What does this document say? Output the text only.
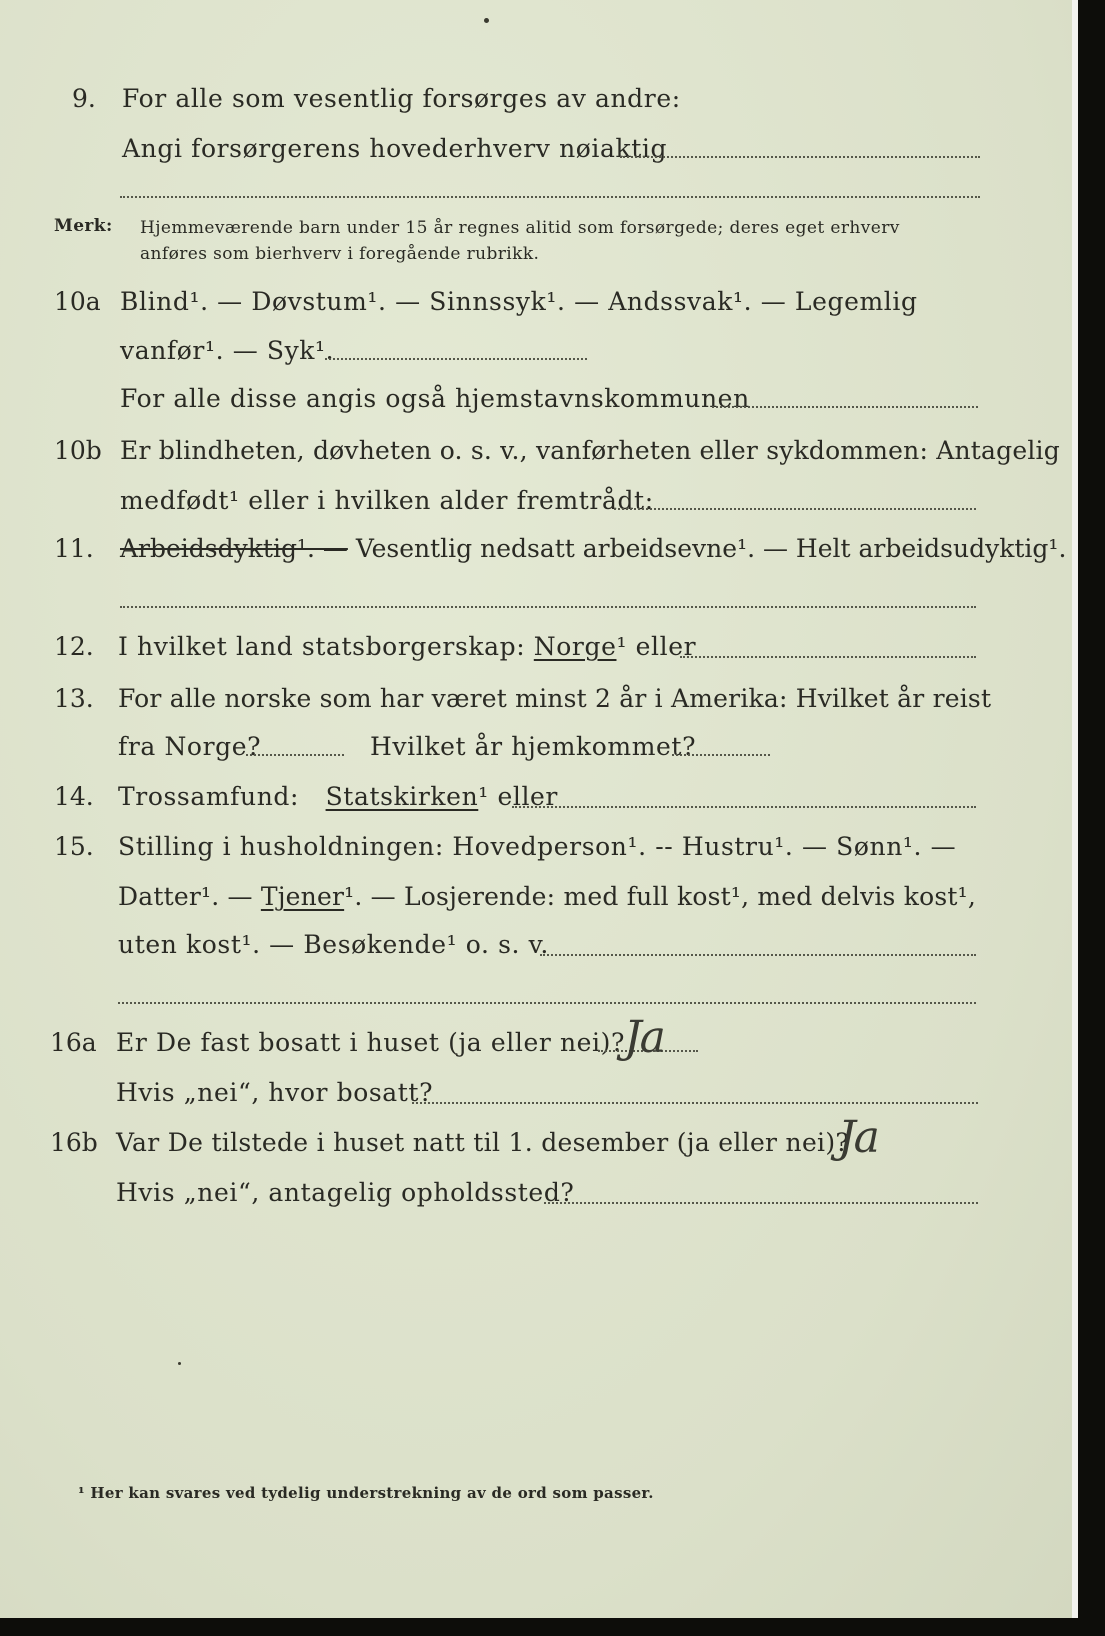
9. For alle som vesentlig forsørges av andre:
Angi forsørgerens hovederhverv nøiaktig
Merk: Hjemmeværende barn under 15 år regnes alitid som forsørgede; deres eget erhverv
anføres som bierhverv i foregående rubrikk.
10a Blind¹. — Døvstum¹. — Sinnssyk¹. — Andssvak¹. — Legemlig
vanfør¹. — Syk¹.
For alle disse angis også hjemstavnskommunen
10b Er blindheten, døvheten o. s. v., vanførheten eller sykdommen: Antagelig
medfødt¹ eller i hvilken alder fremtrådt:
11. Arbeidsdyktig¹. — Vesentlig nedsatt arbeidsevne¹. — Helt arbeidsudyktig¹.
12. I hvilket land statsborgerskap: Norge¹ eller
13. For alle norske som har været minst 2 år i Amerika: Hvilket år reist
fra Norge?	Hvilket år hjemkommet?
14. Trossamfund: Statskirken¹ eller
15. Stilling i husholdningen: Hovedperson¹. -- Hustru¹. — Sønn¹. —
Datter¹. — Tjener¹. — Losjerende: med full kost¹, med delvis kost¹,
uten kost¹. — Besøkende¹ o. s. v.
16a Er De fast bosatt i huset (ja eller nei)? Ja
Hvis „nei“, hvor bosatt?
16b Var De tilstede i huset natt til 1. desember (ja eller nei)?
Ja
Hvis „nei“, antagelig opholdssted?
¹ Her kan svares ved tydelig understrekning av de ord som passer.
